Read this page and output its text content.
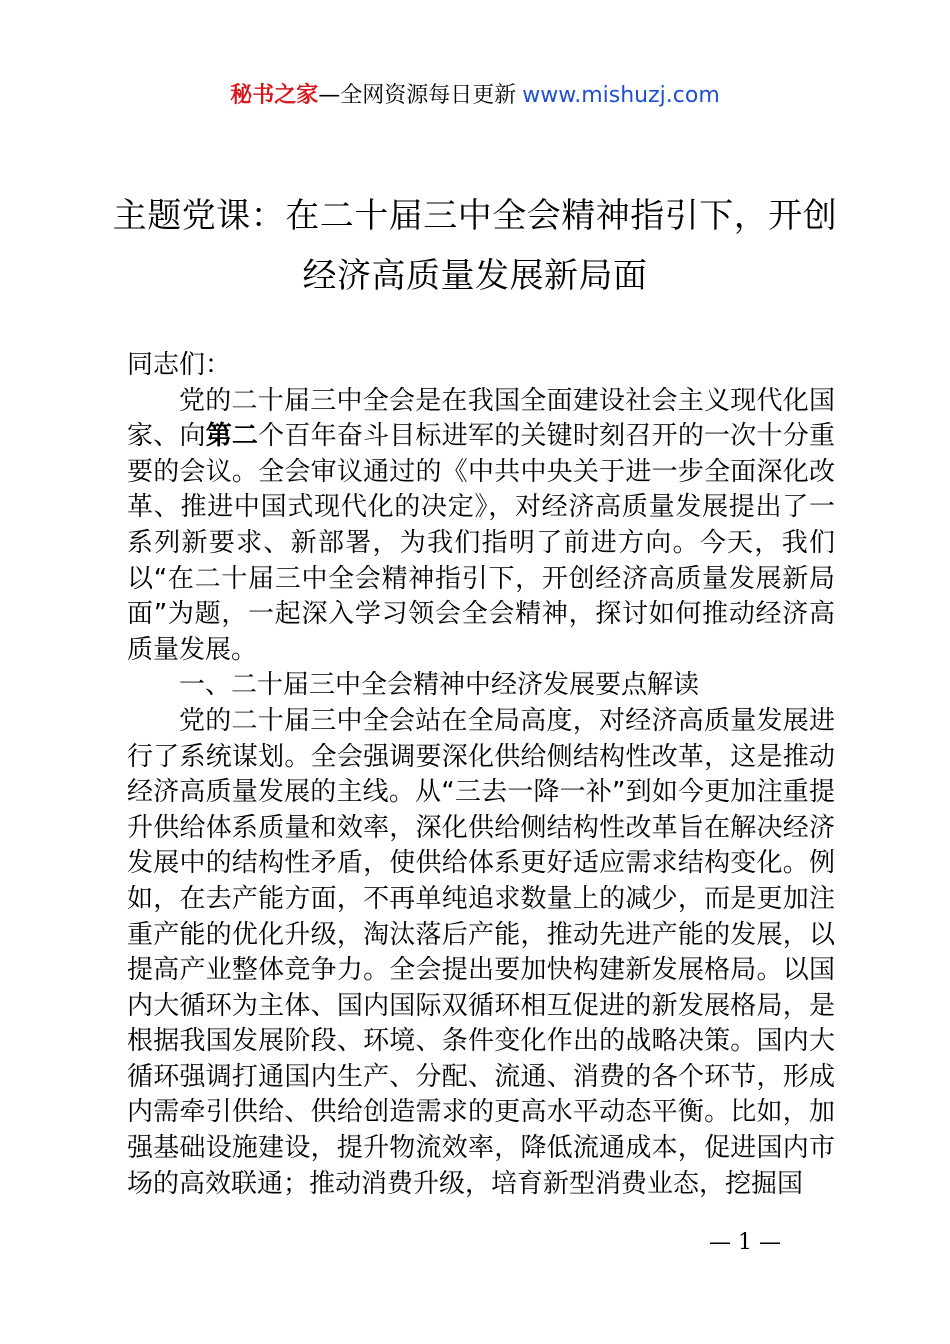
秘书之家—全网资源每日更新 www.mishuzj.com
主题党课：在二十届三中全会精神指引下，开创经济高质量发展新局面

同志们：

党的二十届三中全会是在我国全面建设社会主义现代化国家、向第二个百年奋斗目标进军的关键时刻召开的一次十分重要的会议。全会审议通过的《中共中央关于进一步全面深化改革、推进中国式现代化的决定》，对经济高质量发展提出了一系列新要求、新部署，为我们指明了前进方向。今天，我们以“在二十届三中全会精神指引下，开创经济高质量发展新局面”为题，一起深入学习领会全会精神，探讨如何推动经济高质量发展。

一、二十届三中全会精神中经济发展要点解读

党的二十届三中全会站在全局高度，对经济高质量发展进行了系统谋划。全会强调要深化供给侧结构性改革，这是推动经济高质量发展的主线。从“三去一降一补”到如今更加注重提升供给体系质量和效率，深化供给侧结构性改革旨在解决经济发展中的结构性矛盾，使供给体系更好适应需求结构变化。例如，在去产能方面，不再单纯追求数量上的减少，而是更加注重产能的优化升级，淘汰落后产能，推动先进产能的发展，以提高产业整体竞争力。全会提出要加快构建新发展格局。以国内大循环为主体、国内国际双循环相互促进的新发展格局，是根据我国发展阶段、环境、条件变化作出的战略决策。国内大循环强调打通国内生产、分配、流通、消费的各个环节，形成内需牵引供给、供给创造需求的更高水平动态平衡。比如，加强基础设施建设，提升物流效率，降低流通成本，促进国内市场的高效联通；推动消费升级，培育新型消费业态，挖掘国

— 1 —
